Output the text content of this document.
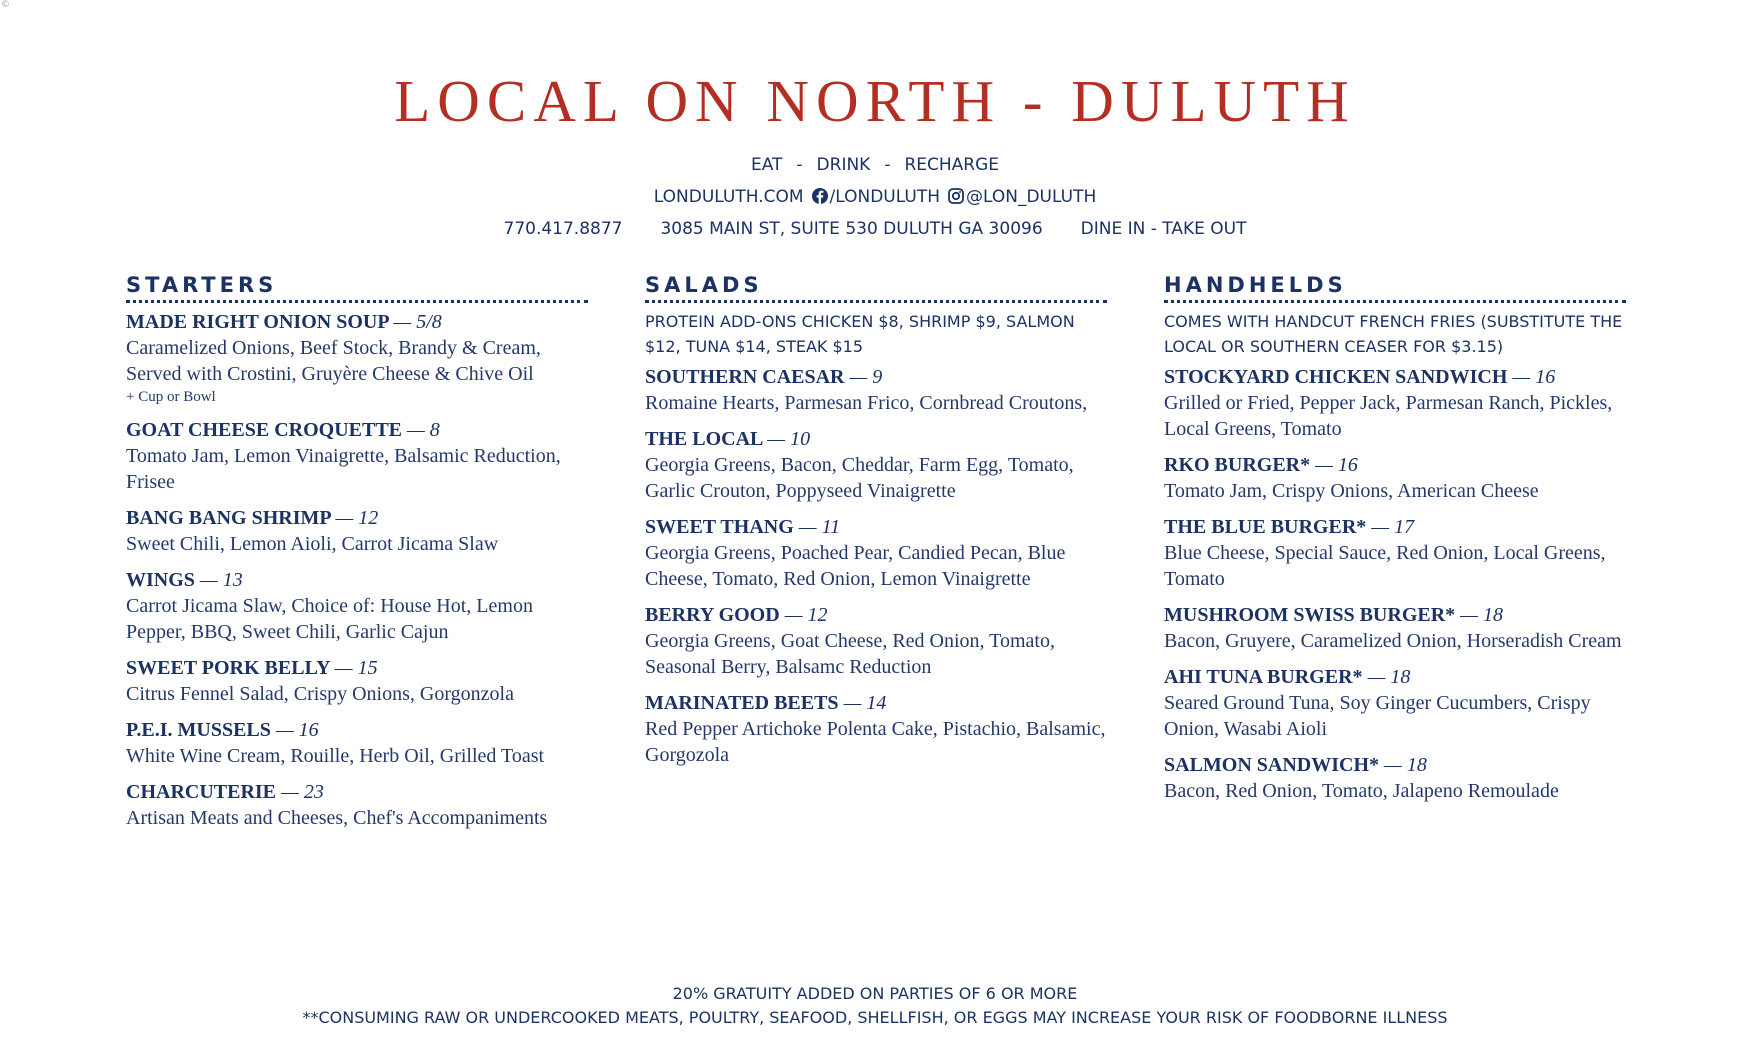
©
LOCAL ON NORTH - DULUTH
EAT - DRINK - RECHARGE
LONDULUTH.COM /LONDULUTH @LON_DULUTH
770.417.8877 3085 MAIN ST, SUITE 530 DULUTH GA 30096 DINE IN - TAKE OUT
STARTERS
MADE RIGHT ONION SOUP — 5/8
Caramelized Onions, Beef Stock, Brandy & Cream, Served with Crostini, Gruyère Cheese & Chive Oil
+ Cup or Bowl
GOAT CHEESE CROQUETTE — 8
Tomato Jam, Lemon Vinaigrette, Balsamic Reduction, Frisee
BANG BANG SHRIMP — 12
Sweet Chili, Lemon Aioli, Carrot Jicama Slaw
WINGS — 13
Carrot Jicama Slaw, Choice of: House Hot, Lemon Pepper, BBQ, Sweet Chili, Garlic Cajun
SWEET PORK BELLY — 15
Citrus Fennel Salad, Crispy Onions, Gorgonzola
P.E.I. MUSSELS — 16
White Wine Cream, Rouille, Herb Oil, Grilled Toast
CHARCUTERIE — 23
Artisan Meats and Cheeses, Chef's Accompaniments
SALADS
PROTEIN ADD-ONS CHICKEN $8, SHRIMP $9, SALMON $12, TUNA $14, STEAK $15
SOUTHERN CAESAR — 9
Romaine Hearts, Parmesan Frico, Cornbread Croutons,
THE LOCAL — 10
Georgia Greens, Bacon, Cheddar, Farm Egg, Tomato, Garlic Crouton, Poppyseed Vinaigrette
SWEET THANG — 11
Georgia Greens, Poached Pear, Candied Pecan, Blue Cheese, Tomato, Red Onion, Lemon Vinaigrette
BERRY GOOD — 12
Georgia Greens, Goat Cheese, Red Onion, Tomato, Seasonal Berry, Balsamc Reduction
MARINATED BEETS — 14
Red Pepper Artichoke Polenta Cake, Pistachio, Balsamic, Gorgozola
HANDHELDS
COMES WITH HANDCUT FRENCH FRIES (SUBSTITUTE THE LOCAL OR SOUTHERN CEASER FOR $3.15)
STOCKYARD CHICKEN SANDWICH — 16
Grilled or Fried, Pepper Jack, Parmesan Ranch, Pickles, Local Greens, Tomato
RKO BURGER* — 16
Tomato Jam, Crispy Onions, American Cheese
THE BLUE BURGER* — 17
Blue Cheese, Special Sauce, Red Onion, Local Greens, Tomato
MUSHROOM SWISS BURGER* — 18
Bacon, Gruyere, Caramelized Onion, Horseradish Cream
AHI TUNA BURGER* — 18
Seared Ground Tuna, Soy Ginger Cucumbers, Crispy Onion, Wasabi Aioli
SALMON SANDWICH* — 18
Bacon, Red Onion, Tomato, Jalapeno Remoulade
20% GRATUITY ADDED ON PARTIES OF 6 OR MORE
**CONSUMING RAW OR UNDERCOOKED MEATS, POULTRY, SEAFOOD, SHELLFISH, OR EGGS MAY INCREASE YOUR RISK OF FOODBORNE ILLNESS
